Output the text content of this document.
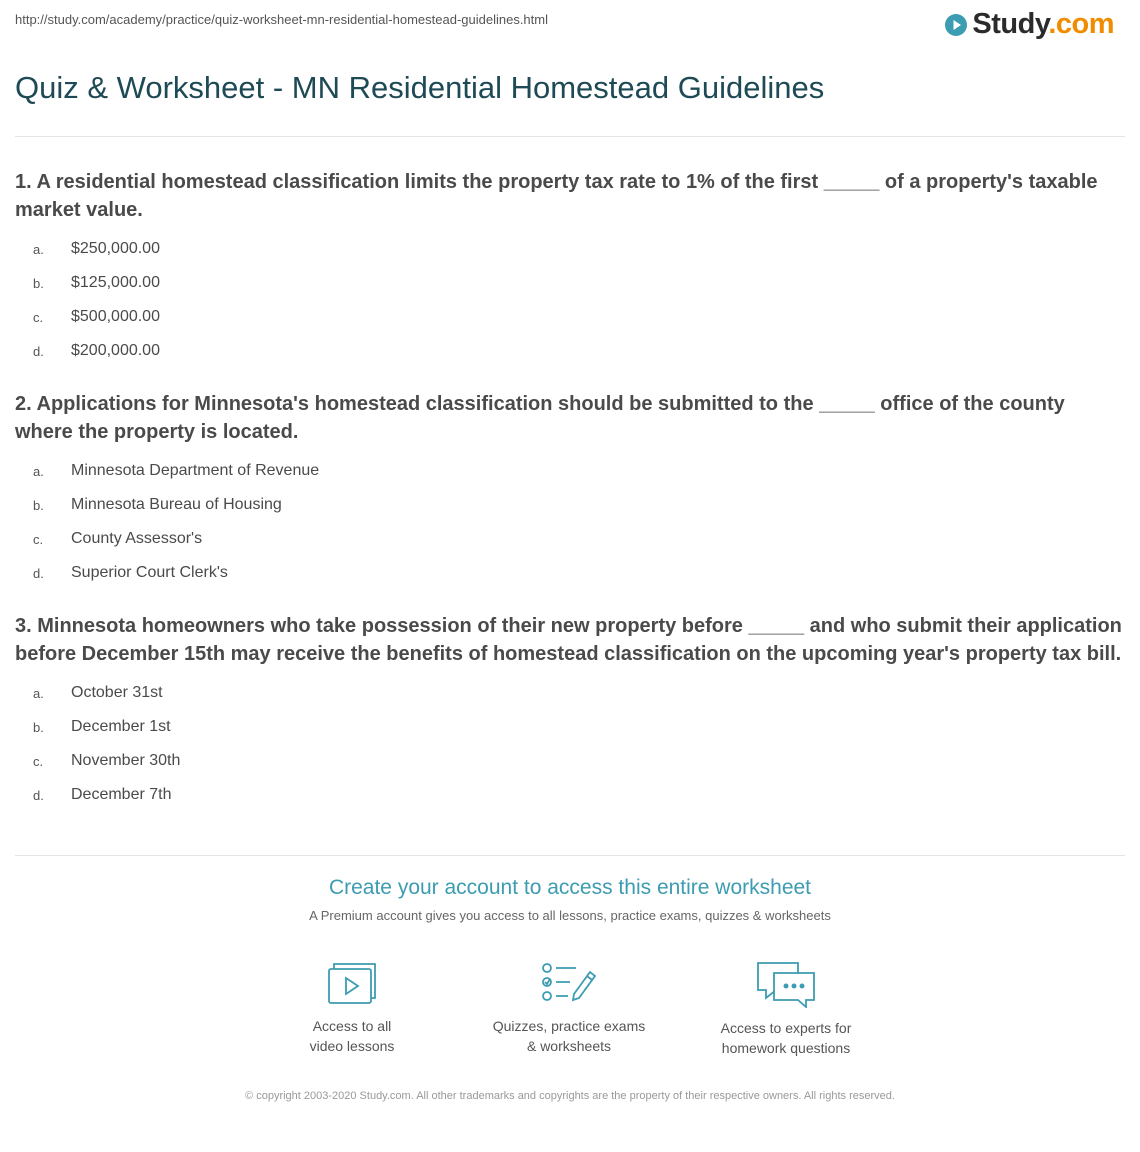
http://study.com/academy/practice/quiz-worksheet-mn-residential-homestead-guidelines.html	Study.com
Quiz & Worksheet - MN Residential Homestead Guidelines
1. A residential homestead classification limits the property tax rate to 1% of the first _____ of a property's taxable market value.
a.	$250,000.00
b.	$125,000.00
c.	$500,000.00
d.	$200,000.00
2. Applications for Minnesota's homestead classification should be submitted to the _____ office of the county where the property is located.
a.	Minnesota Department of Revenue
b.	Minnesota Bureau of Housing
c.	County Assessor's
d.	Superior Court Clerk's
3. Minnesota homeowners who take possession of their new property before _____ and who submit their application before December 15th may receive the benefits of homestead classification on the upcoming year's property tax bill.
a.	October 31st
b.	December 1st
c.	November 30th
d.	December 7th
Create your account to access this entire worksheet
A Premium account gives you access to all lessons, practice exams, quizzes & worksheets
Access to all
video lessons
Quizzes, practice exams
& worksheets
Access to experts for
homework questions
© copyright 2003-2020 Study.com. All other trademarks and copyrights are the property of their respective owners. All rights reserved.
